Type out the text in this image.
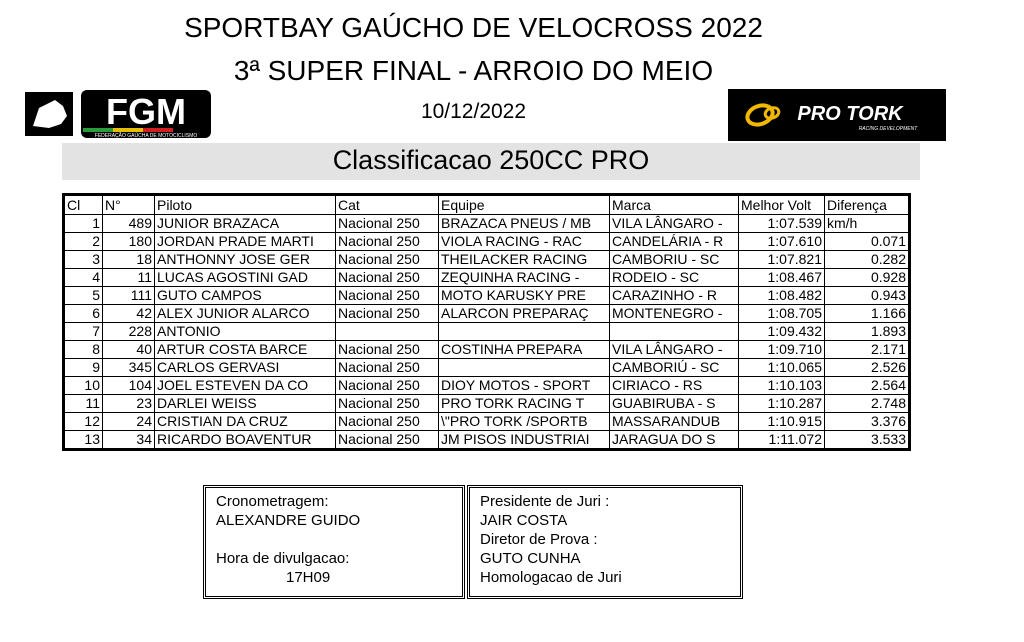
SPORTBAY GAÚCHO DE VELOCROSS 2022
3ª SUPER FINAL - ARROIO DO MEIO
10/12/2022
FGM
FEDERAÇÃO GAÚCHA DE MOTOCICLISMO
PRO TORK
RACING DEVELOPMENT
Classificacao 250CC PRO
Cl	N°	Piloto	Cat	Equipe	Marca	Melhor Volt	Diferença
1	489	JUNIOR BRAZACA	Nacional 250	BRAZACA PNEUS / MB	VILA LÂNGARO -	1:07.539	km/h
2	180	JORDAN PRADE MARTI	Nacional 250	VIOLA RACING - RAC	CANDELÁRIA - R	1:07.610	0.071
3	18	ANTHONNY JOSE GER	Nacional 250	THEILACKER RACING	CAMBORIU - SC	1:07.821	0.282
4	11	LUCAS AGOSTINI GAD	Nacional 250	ZEQUINHA RACING -	RODEIO - SC	1:08.467	0.928
5	111	GUTO CAMPOS	Nacional 250	MOTO KARUSKY PRE	CARAZINHO - R	1:08.482	0.943
6	42	ALEX JUNIOR ALARCO	Nacional 250	ALARCON PREPARAÇ	MONTENEGRO -	1:08.705	1.166
7	228	ANTONIO				1:09.432	1.893
8	40	ARTUR COSTA BARCE	Nacional 250	COSTINHA PREPARA	VILA LÂNGARO -	1:09.710	2.171
9	345	CARLOS GERVASI	Nacional 250		CAMBORIÚ - SC	1:10.065	2.526
10	104	JOEL ESTEVEN DA CO	Nacional 250	DIOY MOTOS - SPORT	CIRIACO - RS	1:10.103	2.564
11	23	DARLEI WEISS	Nacional 250	PRO TORK RACING T	GUABIRUBA - S	1:10.287	2.748
12	24	CRISTIAN DA CRUZ	Nacional 250	\"PRO TORK /SPORTB	MASSARANDUB	1:10.915	3.376
13	34	RICARDO BOAVENTUR	Nacional 250	JM PISOS INDUSTRIAI	JARAGUA DO S	1:11.072	3.533
Cronometragem:
ALEXANDRE GUIDO
Hora de divulgacao:
17H09
Presidente de Juri :
JAIR COSTA
Diretor de Prova :
GUTO CUNHA
Homologacao de Juri
